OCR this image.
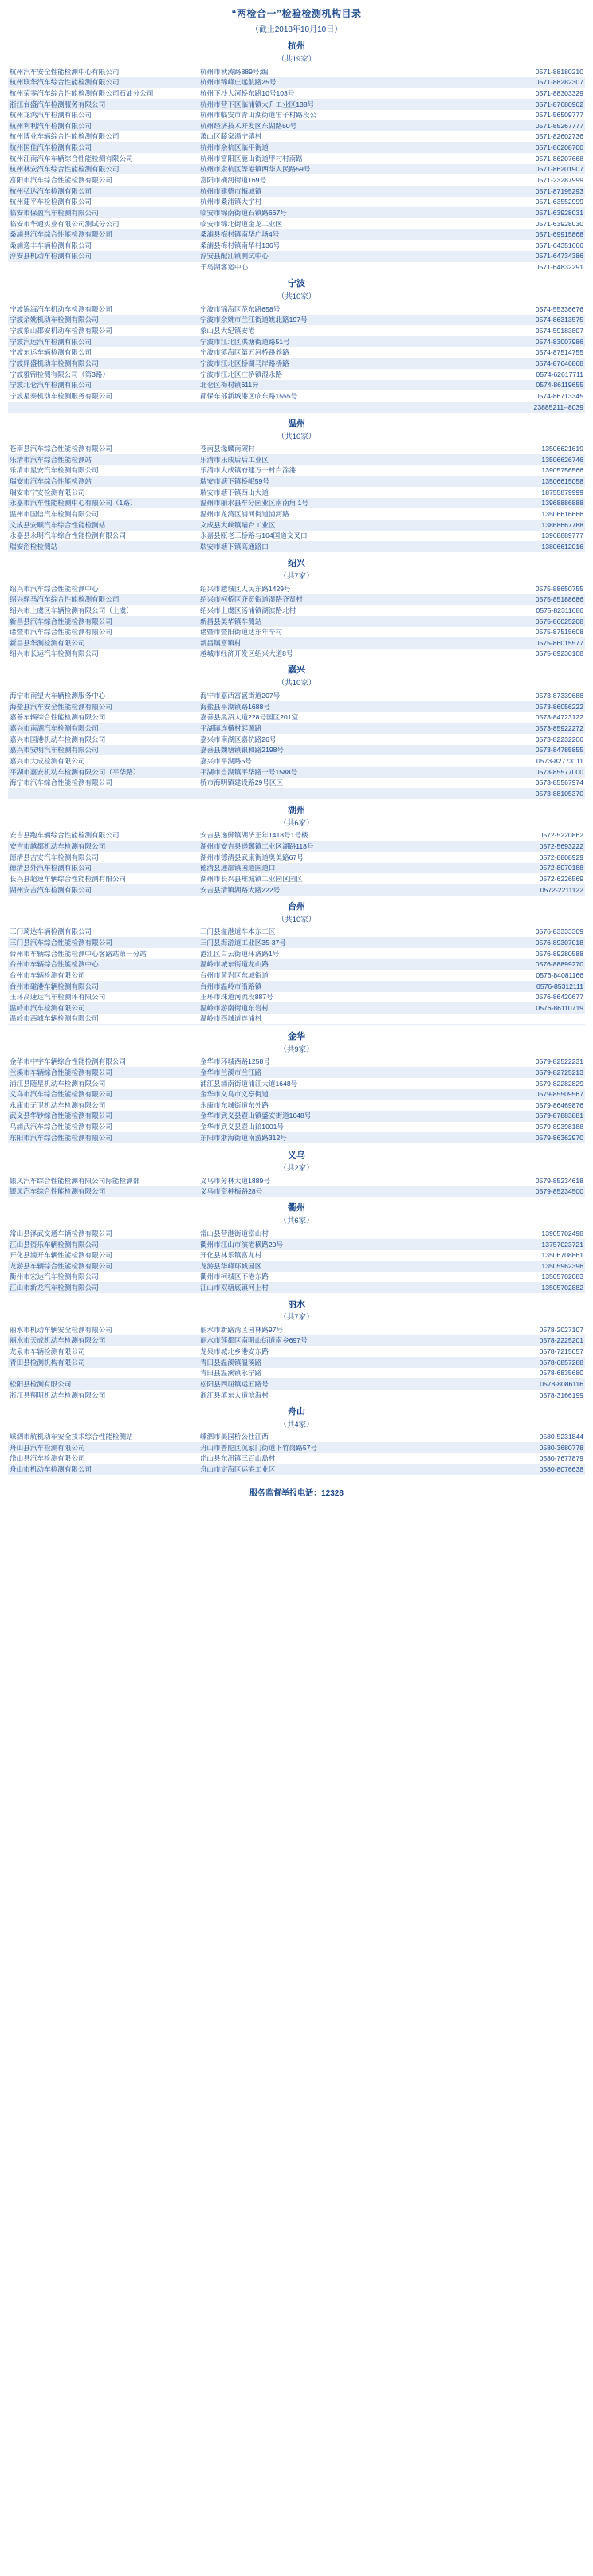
“两检合一”检验检测机构目录
（截止2018年10月10日）
杭州
（共19家）
杭州汽车安全性能检测中心有限公司	杭州市秋涛路889号;编	0571-88180210
杭州联华汽车综合性能检测有限公司	杭州市锦峰庄远航路25号	0571-88282307
杭州荣零汽车综合性能检测有限公司石油分公司	杭州下沙大河桥东路10号103号	0571-88303329
浙江台盛汽车检测服务有限公司	杭州市营下区临浦镇太升工业区138号	0571-87680962
杭州龙鸿汽车检测有限公司	杭州市临安市青山湖街道宙子村路段公	0571-56509777
杭州利利汽车检测有限公司	杭州经济技术开发区东湖路50号	0571-85267777
杭州博业车辆综合性能检测有限公司	萧山区藤家湯宁镇村	0571-82602736
杭州国佳汽车检测有限公司	杭州市余杭区临平街道	0571-86208700
杭州江南汽车车辆综合性能检测有限公司	杭州市富阳区鹿山街道甲村村南路	0571-86207668
杭州林安汽车综合性能检测有限公司	杭州市余杭区等港镇西华人民路59号	0571-86201907
富阳市汽车综合性能检测有限公司	富阳市横河街道169号	0571-23287999
杭州弘达汽车检测有限公司	杭州市建德市梅城镇	0571-87195293
杭州建平车检检测有限公司	杭州市桑浦镇大宇村	0571-63552999
临安市保盈汽车检测有限公司	临安市锦南街道石镇路667号	0571-63928031
临安市华通实业有限公司测试分公司	临安市锦北街道金龙工业区	0571-63928030
桑浦县汽车综合性能检测有限公司	桑浦县梅村镇南华广场4号	0571-69915868
桑浦逸丰车辆检测有限公司	桑浦县梅村镇南华村136号	0571-64351666
淳安县机动车检测有限公司	淳安县配江镇测试中心	0571-64734386
	千岛湖客运中心	0571-64832291
宁波
（共10家）
宁波锦海汽车机动车检测有限公司	宁波市锦海区范东路658号	0574-55336676
宁波余姚机动车检测有限公司	宁波市余姚市兰江街道姚北路197号	0574-86313575
宁波象山郡安机动车检测有限公司	象山县大纪镇安港	0574-59183807
宁波汽运汽车检测有限公司	宁波市江北区洪塘街道路51号	0574-83007986
宁波东运车辆检测有限公司	宁波市镇海区第五河桥路养路	0574-87514755
宁波鼎盛机动车检测有限公司	宁波市江北区桥湖马岸路桥路	0574-87646868
宁波雅锦检测有限公司（第3路）	宁波市江北区庄桥镇湿永路	0574-62617711
宁波北仑汽车检测有限公司	北仑区梅村镇611异	0574-86119655
宁波星泰机动车检测服务有限公司	郡保东部新城港区临东路1555号	0574-86713345
		23885211--8039
温州
（共10家）
苍南县汽车综合性能检测有限公司	苍南县湪麟南碶村	13506621619
乐清市汽车综合性能检测站	乐清市乐成后后工业区	13506626746
乐清市星安汽车检测有限公司	乐清市大成镇府建万一村白涂港	13905756566
瑞安市汽车综合性能检测站	瑞安市塘下镇桥岷59号	13506615058
瑞安市宁安检测有限公司	瑞安市塘下镇西山大道	18755879999
永嘉市汽车性能检测中心有限公司（1路）	温州市丽水县车分园业区南南角 1号	13968886888
温州市国信汽车检测有限公司	温州市龙湾区浦河街道浦河路	13506616666
文成县安顺汽车综合性能检测站	文成县大峡镇瞄台工业区	13868667788
永嘉县永明汽车综合性能检测有限公司	永嘉县瓯老三桥路与104国道交叉口	13968889777
瑞安浴检检测站	瑞安市塘下镇高通路口	13806612016
绍兴
（共7家）
绍兴市汽车综合性能检测中心	绍兴市越城区人民东路1429号	0575-88650755
绍兴驿马汽车综合性能检测有限公司	绍兴市柯桥区齐贤街道湿路齐贤村	0575-85188686
绍兴市上虞区车辆检测有限公司（上虞）	绍兴市上虞区汤浦镇湖滨路北村	0575-82311686
新昌县汽车综合性能检测有限公司	新昌县美华镇车测站	0575-86025208
诸暨市汽车综合性能检测有限公司	诸暨市暨阳街道达东年辛村	0575-87515608
新昌县华测检测有限公司	新昌镇富镇村	0575-86015577
绍兴市长运汽车检测有限公司	越城市经济开发区绍兴大道8号	0575-89230108
嘉兴
（共10家）
海宁市南望大车辆检测服务中心	海宁市嘉西富盛街道207号	0573-87339688
海盐县汽车安全性能检测有限公司	海盐县平湖镇路1688号	0573-86056222
嘉善车辆综合性能检测有限公司	嘉善县黑沼大道228号园区201室	0573-84723122
嘉兴市南湖汽车检测有限公司	平湖镇连横村起源路	0573-85922272
嘉兴市国港机动车检测有限公司	嘉兴市南湖区嘉杭路26号	0573-82232206
嘉兴市安明汽车检测有限公司	嘉善县魏塘镇银和路2198号	0573-84785855
嘉兴市大成检测有限公司	嘉兴市平湖路5号	0573-82773111
平湖市嘉安机动车检测有限公司（平华路）	平湖市当湖镇平华路一号1588号	0573-85577000
海宁市汽车综合性能检测有限公司	桥市海明镇建设路29号区区	0573-85567974
		0573-88105370
湖州
（共6家）
安吉县跑车辆综合性能检测有限公司	安吉县递郵镇湖济王年1418号1号楼	0572-5220862
安吉市越都机动车检测有限公司	湖州市安吉县递郵镇工业区湖路118号	0572-5693222
德清县吉安汽车检测有限公司	湖州市德清县武康街道奥美路67号	0572-8808929
德清县外汽车检测有限公司	德清县递部镇国道国道口	0572-8070188
长兴县超速车辆综合性能检测有限公司	湖州市长兴县雉城镇工业园区园区	0572-6226569
湖州安吉汽车检测有限公司	安吉县清镇湖路大路222号	0572-2211122
台州
（共10家）
三门琦达车辆检测有限公司	三门县溢港道车本东工区	0576-83333309
三门县汽车综合性能检测有限公司	三门县海游道工业区35-37号	0576-89307018
台州市车辆综合性能检测中心客路站第一分站	港江区白云街道环济路1号	0576-89280588
台州市车辆综合性能检测中心	温岭市城东街道龙山路	0576-88899270
台州市车辆检测有限公司	台州市黄岩区东城街道	0576-84081166
台州市碰港车辆检测有限公司	台州市温岭市沿路镇	0576-85312111
玉环高速达汽车检测评有限公司	玉环市珠道河流段887号	0576-86420677
温岭市汽车检测有限公司	温岭市游南街道东岩村	0576-86110719
温岭市西城车辆检测有限公司	温岭市西城道连浦村	

金华
（共9家）
金华市中宇车辆综合性能检测有限公司	金华市环城西路1258号	0579-82522231
兰溪市车辆综合性能检测有限公司	金华市兰溪市兰江路	0579-82725213
浦江县随星机动车检测有限公司	浦江县浦南街道浦江大道1648号	0579-82282829
义乌市汽车综合性能检测有限公司	金华市义乌市义亭街道	0579-85509567
永康市无卫机动车检测有限公司	永康市东城街道东外路	0579-86469876
武义县华钞综合性能检测有限公司	金华市武义县壺山镇盛安街道1648号	0579-87883881
乌浦武汽车综合性能检测有限公司	金华市武义县壺山錇1001号	0579-89398188
东阳市汽车综合性能检测有限公司	东阳市浙海街道南游路312号	0579-86362970

义乌
（共2家）
银凤汽车综合性能检测有限公司际能检测部	义乌市芳林大道1889号	0579-85234618
银凤汽车综合性能检测有限公司	义乌市资种梅路28号	0579-85234500
衢州
（共6家）
常山县泽武交通车辆检测有限公司	常山县营港街道富山村	13905702498
江山县资乐车辆检测有限公司	衢州市江山市滨港横路20号	13757023721
开化县浦开车辆性能检测有限公司	开化县林乐镇富龙村	13506708861
龙游县车辆综合性能检测有限公司	龙游县华峰环城园区	13505962396
衢州市宏达汽车检测有限公司	衢州市柯城区不港东路	13505702083
江山市新龙汽车检测有限公司	江山市双塘底镇河上村	13505702882
丽水
（共7家）
丽水市机动车辆安全检测有限公司	丽水市新路湾区园林路97号	0578-2027107
丽水市天成机动车检测有限公司	丽水市莲都区南明山街道南乡697号	0578-2225201
龙泉市车辆检测有限公司	龙泉市城北乡港安东路	0578-7215657
青田县检测机构有限公司	青田县温溪镇温溪路	0578-6857288
	青田县温溪镇永宁路	0578-6835680
松阳县检测有限公司	松阳县西屈镇运五路号	0578-8086116
浙江县翔明机动车检测有限公司	浙江县滇东大道滨海村	0578-3166199
舟山
（共4家）
嵊泗市航机动车安全技术综合性能检测站	嵊泗市美园桥公社江西	0580-5231844
舟山县汽车检测有限公司	舟山市普陀区沉家门街道下竹岗路57号	0580-3680778
岱山县汽车检测有限公司	岱山县东汛镇三百山島村	0580-7677879
舟山市机动车检测有限公司	舟山市定海区运港工业区	0580-8076638
服务监督举报电话：12328
